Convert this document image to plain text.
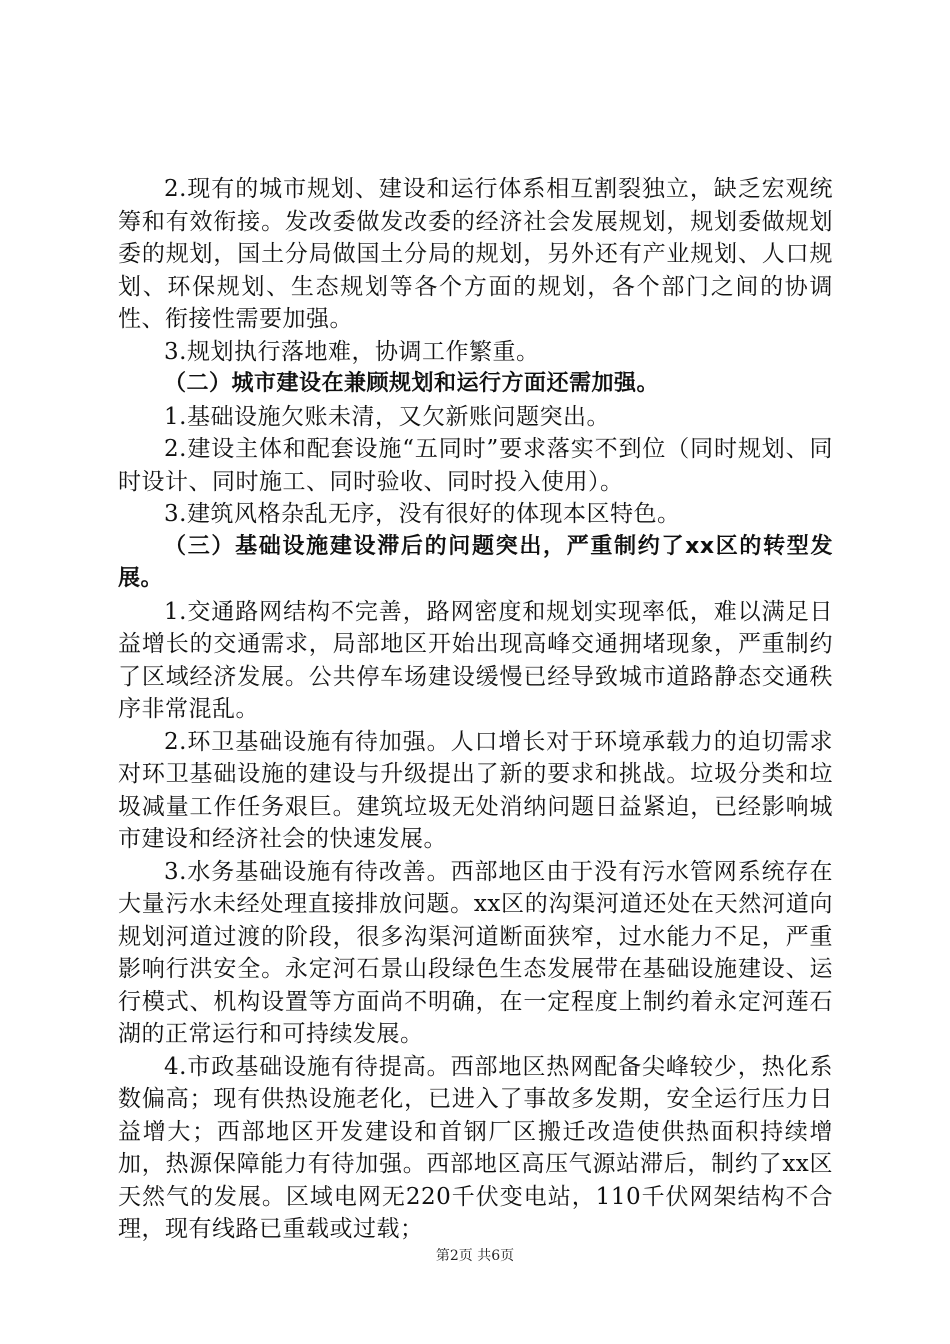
2.现有的城市规划、建设和运行体系相互割裂独立，缺乏宏观统筹和有效衔接。发改委做发改委的经济社会发展规划，规划委做规划委的规划，国土分局做国土分局的规划，另外还有产业规划、人口规划、环保规划、生态规划等各个方面的规划，各个部门之间的协调性、衔接性需要加强。

3.规划执行落地难，协调工作繁重。

（二）城市建设在兼顾规划和运行方面还需加强。

1.基础设施欠账未清，又欠新账问题突出。

2.建设主体和配套设施“五同时”要求落实不到位（同时规划、同时设计、同时施工、同时验收、同时投入使用）。

3.建筑风格杂乱无序，没有很好的体现本区特色。

（三）基础设施建设滞后的问题突出，严重制约了xx区的转型发展。

1.交通路网结构不完善，路网密度和规划实现率低，难以满足日益增长的交通需求，局部地区开始出现高峰交通拥堵现象，严重制约了区域经济发展。公共停车场建设缓慢已经导致城市道路静态交通秩序非常混乱。

2.环卫基础设施有待加强。人口增长对于环境承载力的迫切需求对环卫基础设施的建设与升级提出了新的要求和挑战。垃圾分类和垃圾减量工作任务艰巨。建筑垃圾无处消纳问题日益紧迫，已经影响城市建设和经济社会的快速发展。

3.水务基础设施有待改善。西部地区由于没有污水管网系统存在大量污水未经处理直接排放问题。xx区的沟渠河道还处在天然河道向规划河道过渡的阶段，很多沟渠河道断面狭窄，过水能力不足，严重影响行洪安全。永定河石景山段绿色生态发展带在基础设施建设、运行模式、机构设置等方面尚不明确，在一定程度上制约着永定河莲石湖的正常运行和可持续发展。

4.市政基础设施有待提高。西部地区热网配备尖峰较少，热化系数偏高；现有供热设施老化，已进入了事故多发期，安全运行压力日益增大；西部地区开发建设和首钢厂区搬迁改造使供热面积持续增加，热源保障能力有待加强。西部地区高压气源站滞后，制约了xx区天然气的发展。区域电网无220千伏变电站，110千伏网架结构不合理，现有线路已重载或过载；

第2页 共6页
